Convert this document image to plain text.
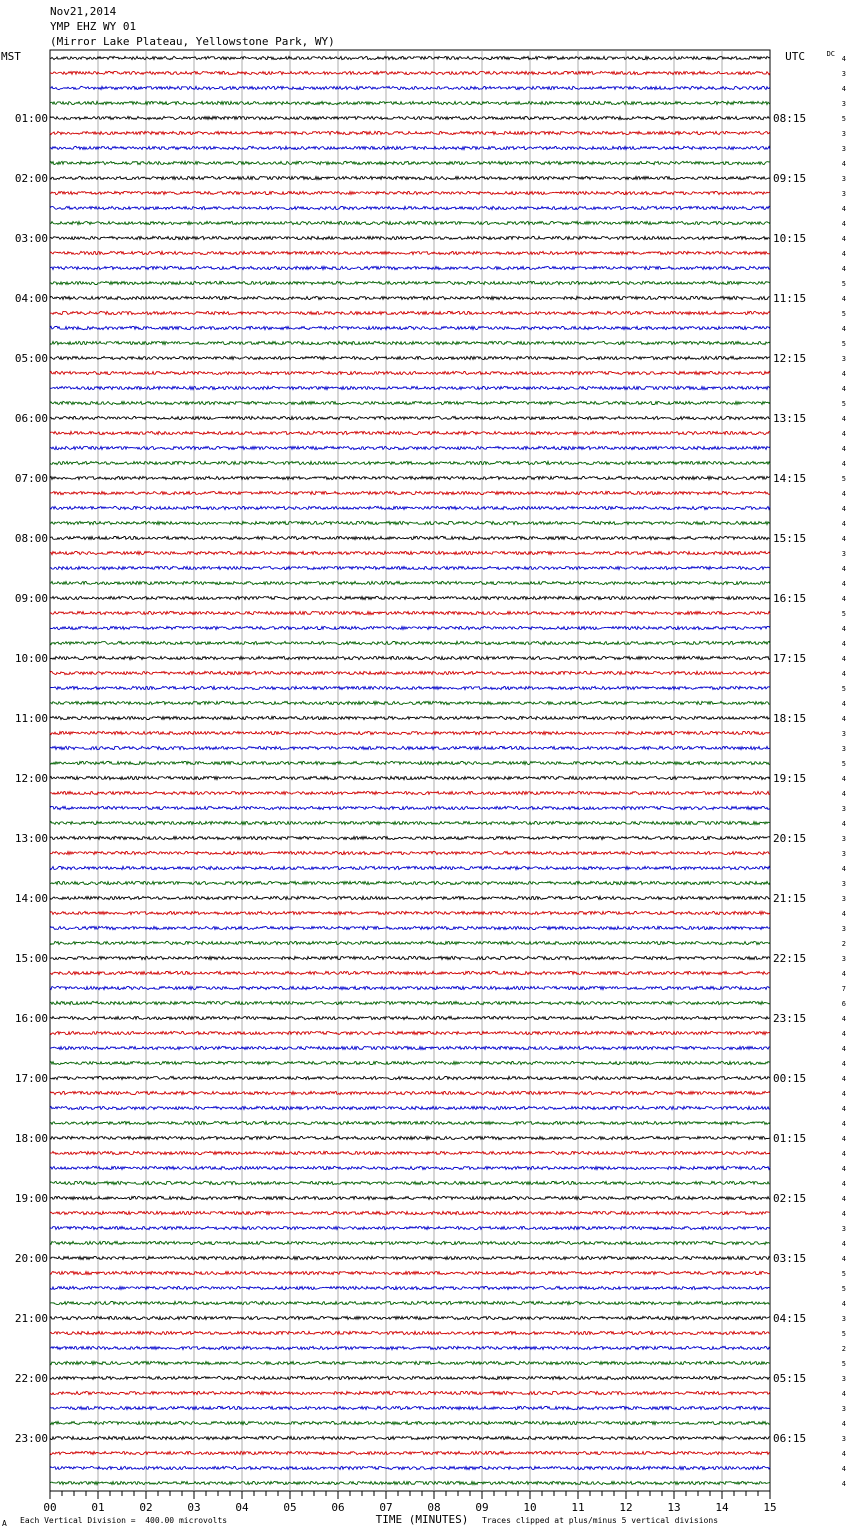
Nov21,2014
YMP EHZ WY 01
(Mirror Lake Plateau, Yellowstone Park, WY)
4
3
4
3
5
3
3
4
3
3
4
4
4
4
4
5
4
5
4
5
3
4
4
5
4
4
4
4
5
4
4
4
4
3
4
4
4
5
4
4
4
4
5
4
4
3
3
5
4
4
3
4
3
3
4
3
3
4
3
2
3
4
7
6
4
4
4
4
4
4
4
4
4
4
4
4
4
4
3
4
4
5
5
4
3
5
2
5
3
4
3
4
3
4
4
4
MST	UTC	DC
01:00
02:00
03:00
04:00
05:00
06:00
07:00
08:00
09:00
10:00
11:00
12:00
13:00
14:00
15:00
16:00
17:00
18:00
19:00
20:00
21:00
22:00
23:00
08:15
09:15
10:15
11:15
12:15
13:15
14:15
15:15
16:15
17:15
18:15
19:15
20:15
21:15
22:15
23:15
00:15
01:15
02:15
03:15
04:15
05:15
06:15
00	01	02	03	04	05	06	07	08	09	10	11	12	13	14	15
TIME (MINUTES)
A Each Vertical Division =  400.00 microvolts	Traces clipped at plus/minus 5 vertical divisions
